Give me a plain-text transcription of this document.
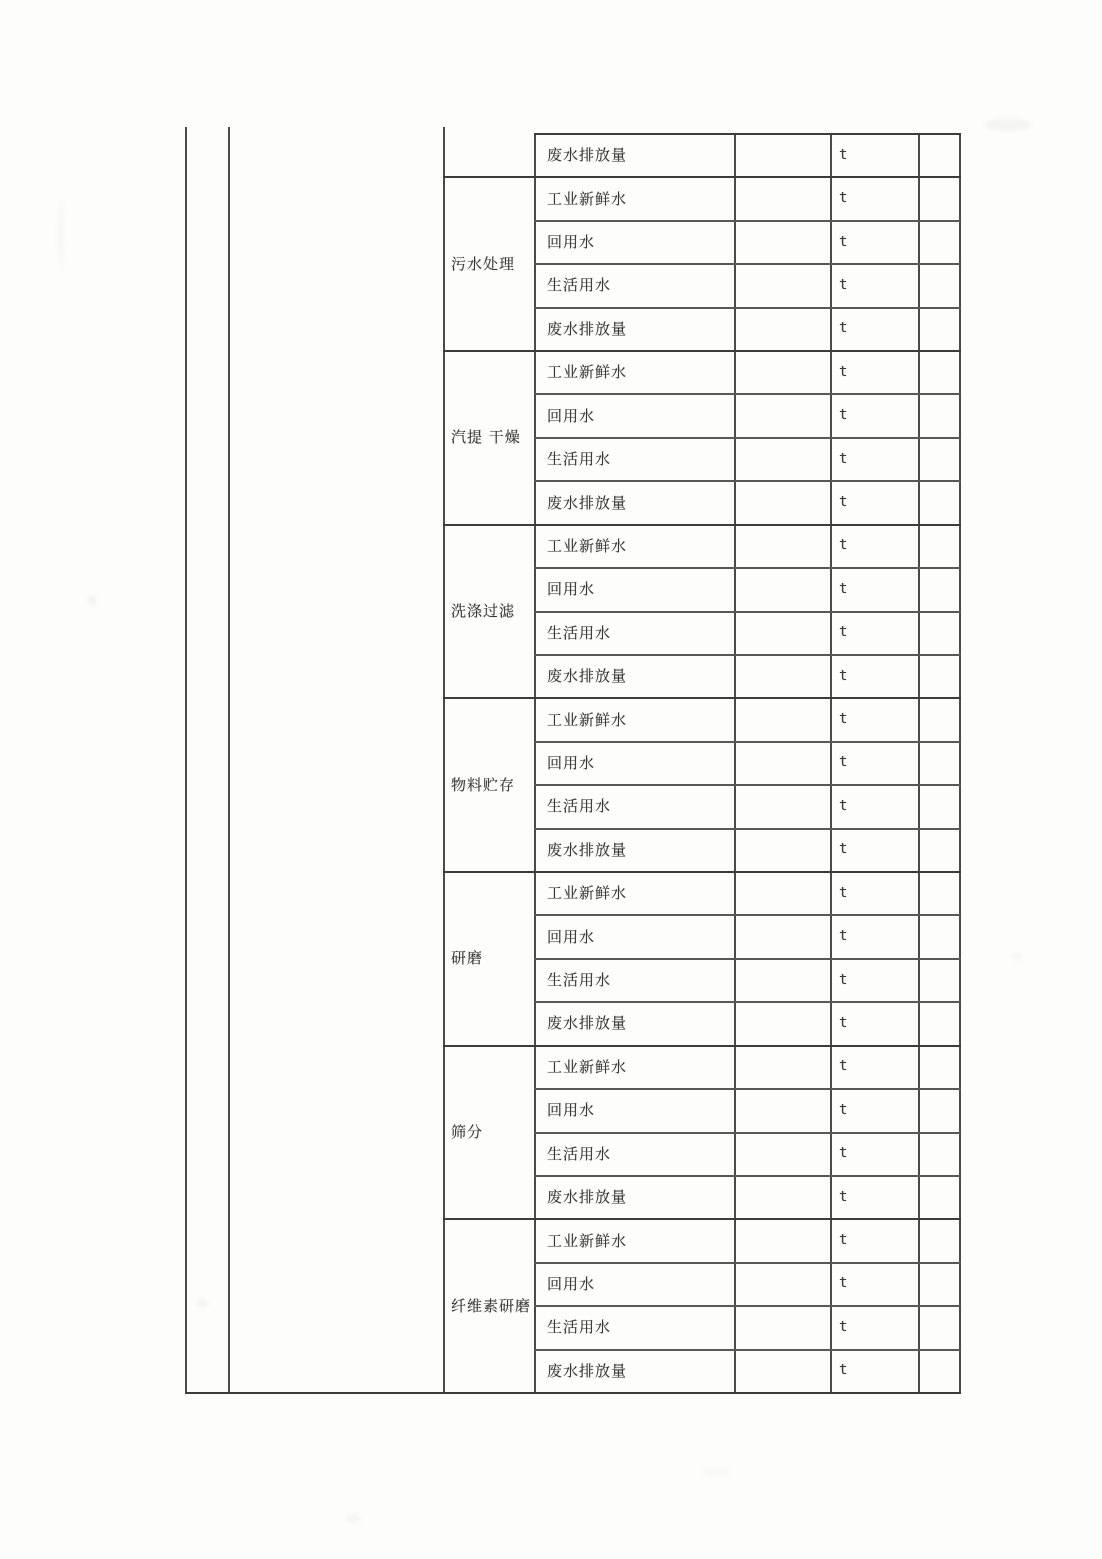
废水排放量	t
污水处理
工业新鲜水	t
回用水	t
生活用水	t
废水排放量	t
汽提 干燥
工业新鲜水	t
回用水	t
生活用水	t
废水排放量	t
洗涤过滤
工业新鲜水	t
回用水	t
生活用水	t
废水排放量	t
物料贮存
工业新鲜水	t
回用水	t
生活用水	t
废水排放量	t
研磨
工业新鲜水	t
回用水	t
生活用水	t
废水排放量	t
筛分
工业新鲜水	t
回用水	t
生活用水	t
废水排放量	t
纤维素研磨
工业新鲜水	t
回用水	t
生活用水	t
废水排放量	t
